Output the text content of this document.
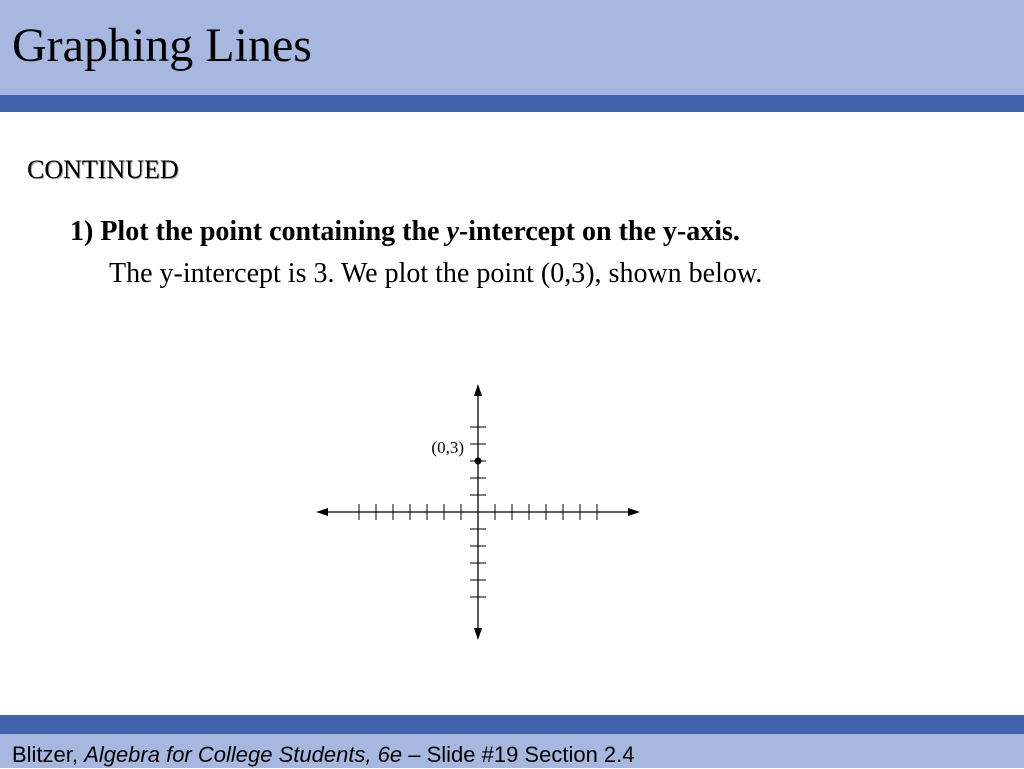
Graphing Lines
CONTINUED
1) Plot the point containing the y-intercept on the y-axis.
The y-intercept is 3. We plot the point (0,3), shown below.
(0,3)
Blitzer, Algebra for College Students, 6e – Slide #19 Section 2.4
